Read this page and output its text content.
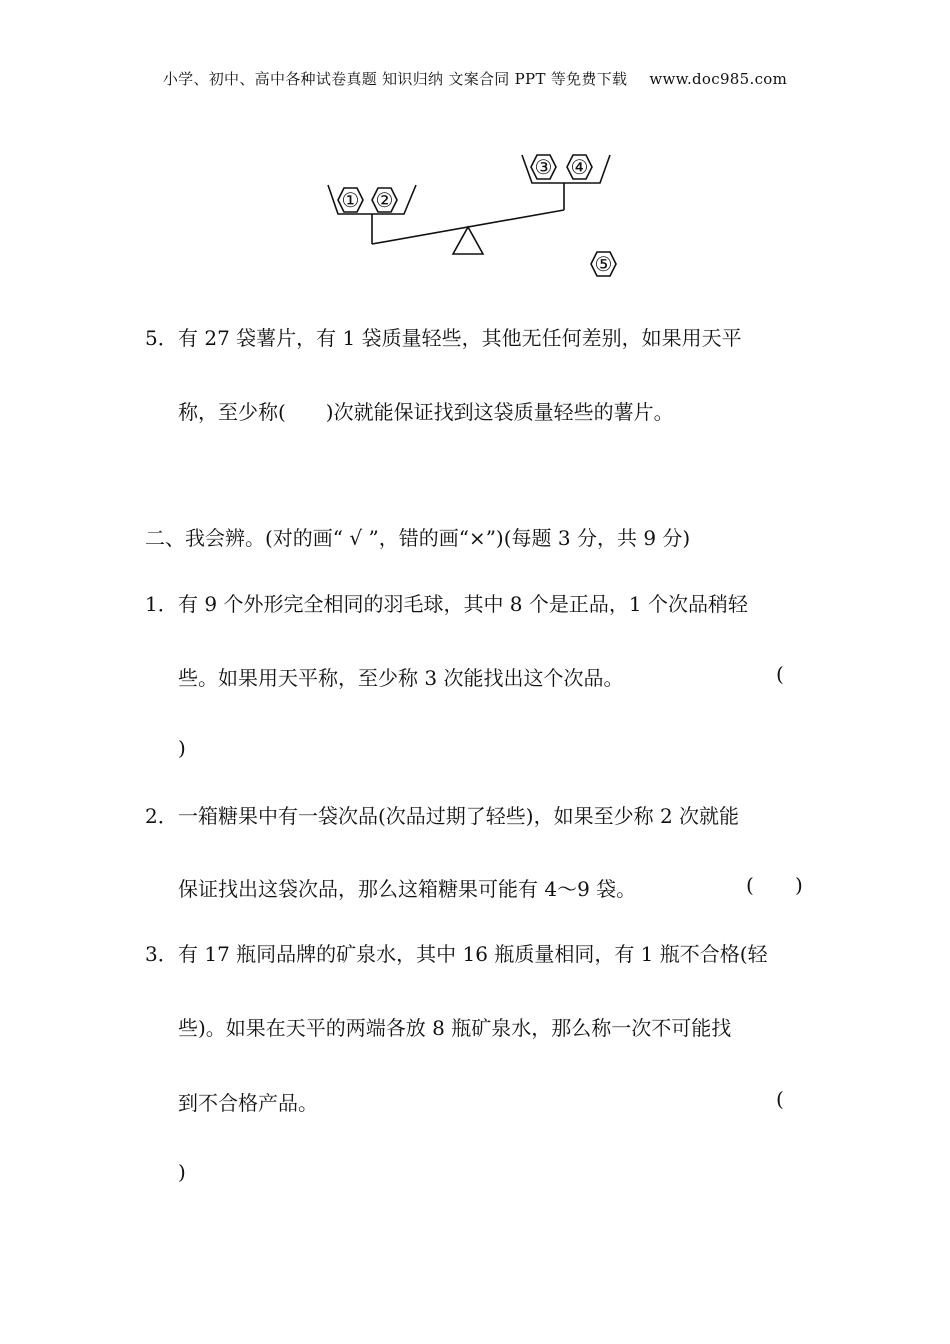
小学、初中、高中各种试卷真题 知识归纳 文案合同 PPT 等免费下载 www.doc985.com
① ②
③ ④
⑤
5． 有 27 袋薯片，有 1 袋质量轻些，其他无任何差别，如果用天平
称，至少称(　　)次就能保证找到这袋质量轻些的薯片。
二、我会辨。(对的画“ √ ”，错的画“×”)(每题 3 分，共 9 分)
1． 有 9 个外形完全相同的羽毛球，其中 8 个是正品，1 个次品稍轻
些。如果用天平称，至少称 3 次能找出这个次品。	(
)
2． 一箱糖果中有一袋次品(次品过期了轻些)，如果至少称 2 次就能
保证找出这袋次品，那么这箱糖果可能有 4～9 袋。	( )
3． 有 17 瓶同品牌的矿泉水，其中 16 瓶质量相同，有 1 瓶不合格(轻
些)。如果在天平的两端各放 8 瓶矿泉水，那么称一次不可能找
到不合格产品。	(
)
